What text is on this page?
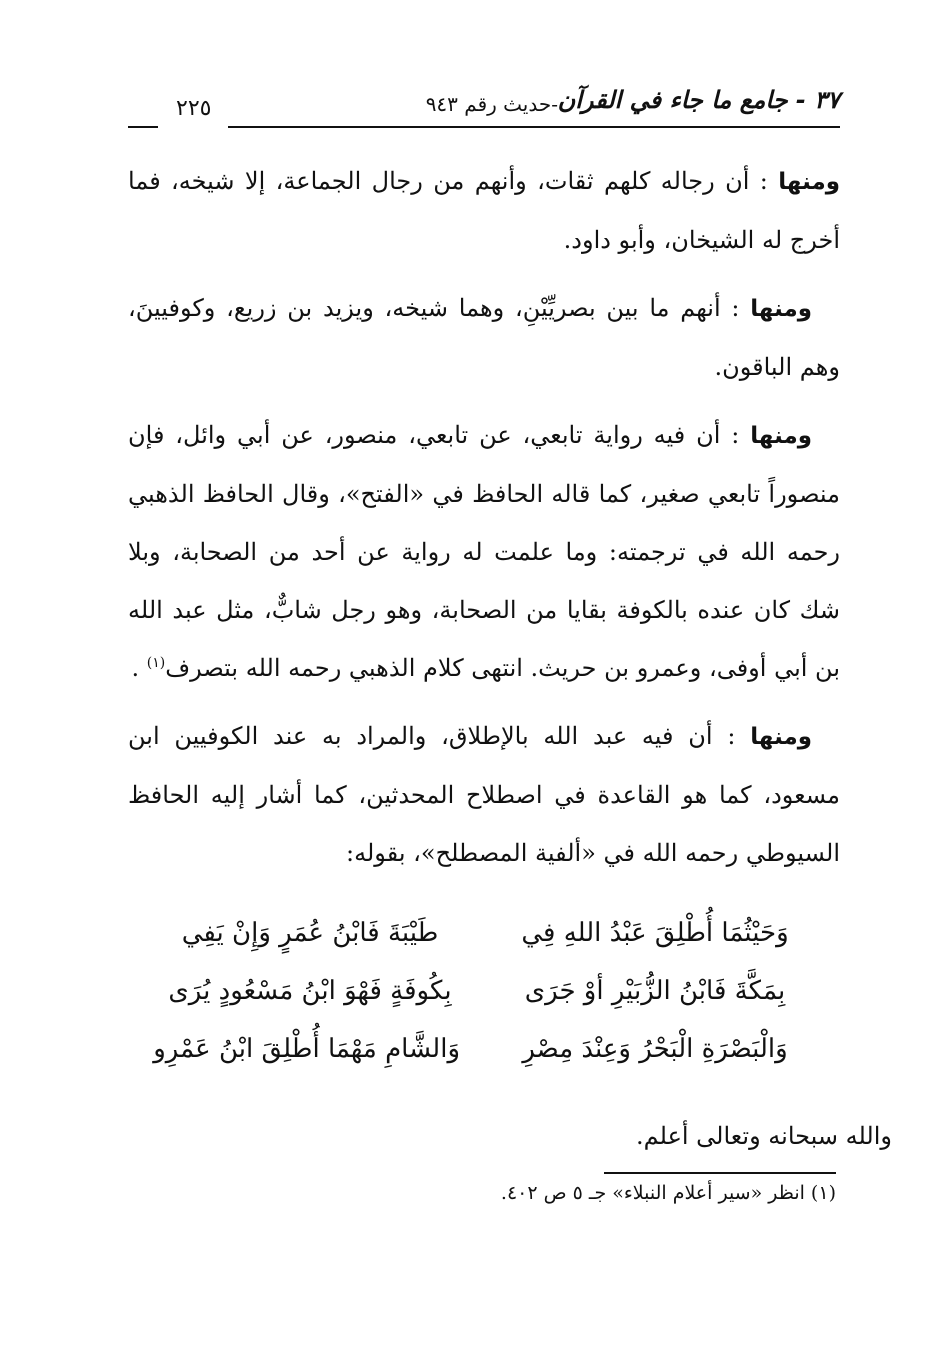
٣٧ - جامع ما جاء في القرآن
-حديث رقم ٩٤٣
٢٢٥

ومنها : أن رجاله كلهم ثقات، وأنهم من رجال الجماعة، إلا شيخه، فما أخرج له الشيخان، وأبو داود.

ومنها : أنهم ما بين بصريِّيْنِ، وهما شيخه، ويزيد بن زريع، وكوفيينَ، وهم الباقون.

ومنها : أن فيه رواية تابعي، عن تابعي، منصور، عن أبي وائل، فإن منصوراً تابعي صغير، كما قاله الحافظ في «الفتح»، وقال الحافظ الذهبي رحمه الله في ترجمته: وما علمت له رواية عن أحد من الصحابة، وبلا شك كان عنده بالكوفة بقايا من الصحابة، وهو رجل شابٌّ، مثل عبد الله بن أبي أوفى، وعمرو بن حريث. انتهى كلام الذهبي رحمه الله بتصرف$^{(١)}$ .

ومنها : أن فيه عبد الله بالإطلاق، والمراد به عند الكوفيين ابن مسعود، كما هو القاعدة في اصطلاح المحدثين، كما أشار إليه الحافظ السيوطي رحمه الله في «ألفية المصطلح»، بقوله:

وَحَيْثُمَا أُطْلِقَ عَبْدُ اللهِ فِي
طَيْبَةَ فَابْنُ عُمَرٍ وَإِنْ يَفِي
بِمَكَّةَ فَابْنُ الزُّبَيْرِ أوْ جَرَى
بِكُوفَةٍ فَهْوَ ابْنُ مَسْعُودٍ يُرَى
وَالْبَصْرَةِ الْبَحْرُ وَعِنْدَ مِصْرِ
وَالشَّامِ مَهْمَا أُطْلِقَ ابْنُ عَمْرِو
والله سبحانه وتعالى أعلم.
(١) انظر «سير أعلام النبلاء» جـ ٥ ص ٤٠٢.
